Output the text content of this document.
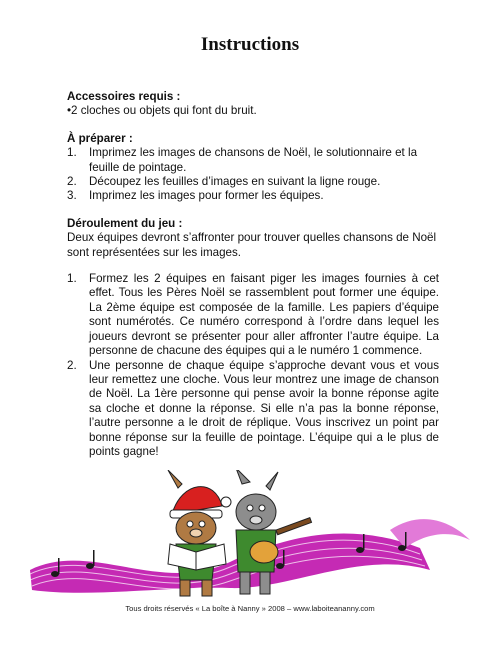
Instructions

Accessoires requis :

•2 cloches ou objets qui font du bruit.

À préparer :

1. Imprimez les images de chansons de Noël, le solutionnaire et la feuille de pointage.
2. Découpez les feuilles d’images en suivant la ligne rouge.
3. Imprimez les images pour former les équipes.

Déroulement du jeu :

Deux équipes devront s’affronter pour trouver quelles chansons de Noël sont représentées sur les images.

1. Formez les 2 équipes en faisant piger les images fournies à cet effet. Tous les Pères Noël se rassemblent pout former une équipe. La 2ème équipe est composée de la famille. Les papiers d’équipe sont numérotés. Ce numéro correspond à l’ordre dans lequel les joueurs devront se présenter pour aller affronter l’autre équipe. La personne de chacune des équipes qui a le numéro 1 commence.
2. Une personne de chaque équipe s’approche devant vous et vous leur remettez une cloche. Vous leur montrez une image de chanson de Noël. La 1ère personne qui pense avoir la bonne réponse agite sa cloche et donne la réponse. Si elle n’a pas la bonne réponse, l’autre personne a le droit de réplique. Vous inscrivez un point par bonne réponse sur la feuille de pointage. L’équipe qui a le plus de points gagne!
Tous droits réservés « La boîte à Nanny » 2008 – www.laboiteananny.com
